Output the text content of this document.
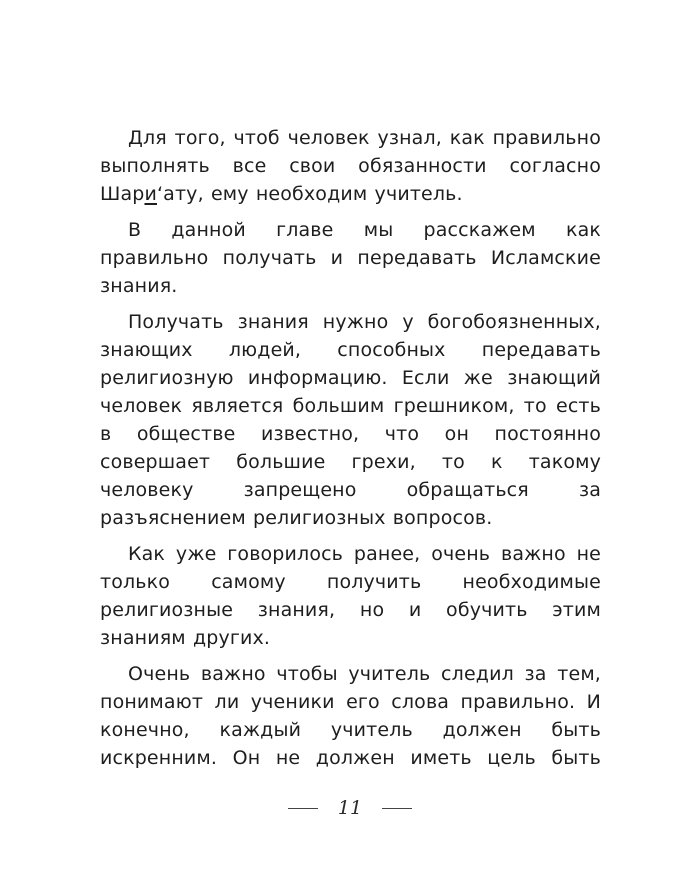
Для того, чтоб человек узнал, как правильно выполнять все свои обязанности согласно Шариʻату, ему необходим учитель.

В данной главе мы расскажем как правильно получать и передавать Исламские знания.

Получать знания нужно у богобоязненных, знающих людей, способных передавать религиозную информацию. Если же знающий человек является большим грешником, то есть в обществе известно, что он постоянно совершает большие грехи, то к такому человеку запрещено обращаться за разъяснением религиозных вопросов.

Как уже говорилось ранее, очень важно не только самому получить необходимые религиозные знания, но и обучить этим знаниям других.

Очень важно чтобы учитель следил за тем, понимают ли ученики его слова правильно. И конечно, каждый учитель должен быть искренним. Он не должен иметь цель быть

11
